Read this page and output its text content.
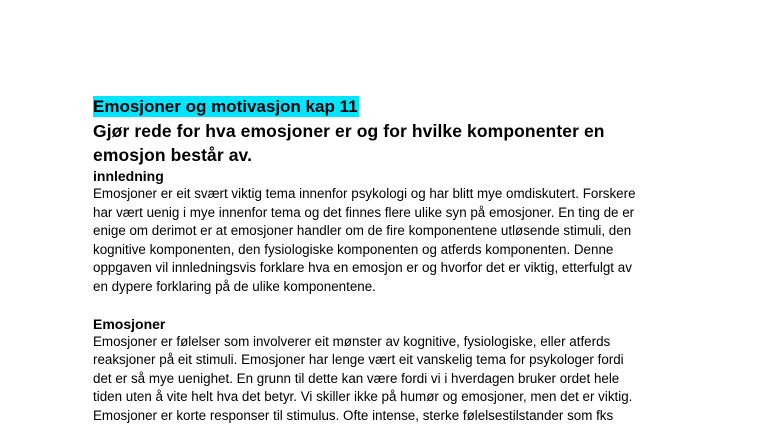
Emosjoner og motivasjon kap 11
Gjør rede for hva emosjoner er og for hvilke komponenter en
emosjon består av.
innledning

Emosjoner er eit svært viktig tema innenfor psykologi og har blitt mye omdiskutert. Forskere
har vært uenig i mye innenfor tema og det finnes flere ulike syn på emosjoner. En ting de er
enige om derimot er at emosjoner handler om de fire komponentene utløsende stimuli, den
kognitive komponenten, den fysiologiske komponenten og atferds komponenten. Denne
oppgaven vil innledningsvis forklare hva en emosjon er og hvorfor det er viktig, etterfulgt av
en dypere forklaring på de ulike komponentene.

Emosjoner

Emosjoner er følelser som involverer eit mønster av kognitive, fysiologiske, eller atferds
reaksjoner på eit stimuli. Emosjoner har lenge vært eit vanskelig tema for psykologer fordi
det er så mye uenighet. En grunn til dette kan være fordi vi i hverdagen bruker ordet hele
tiden uten å vite helt hva det betyr. Vi skiller ikke på humør og emosjoner, men det er viktig.
Emosjoner er korte responser til stimulus. Ofte intense, sterke følelsestilstander som fks
